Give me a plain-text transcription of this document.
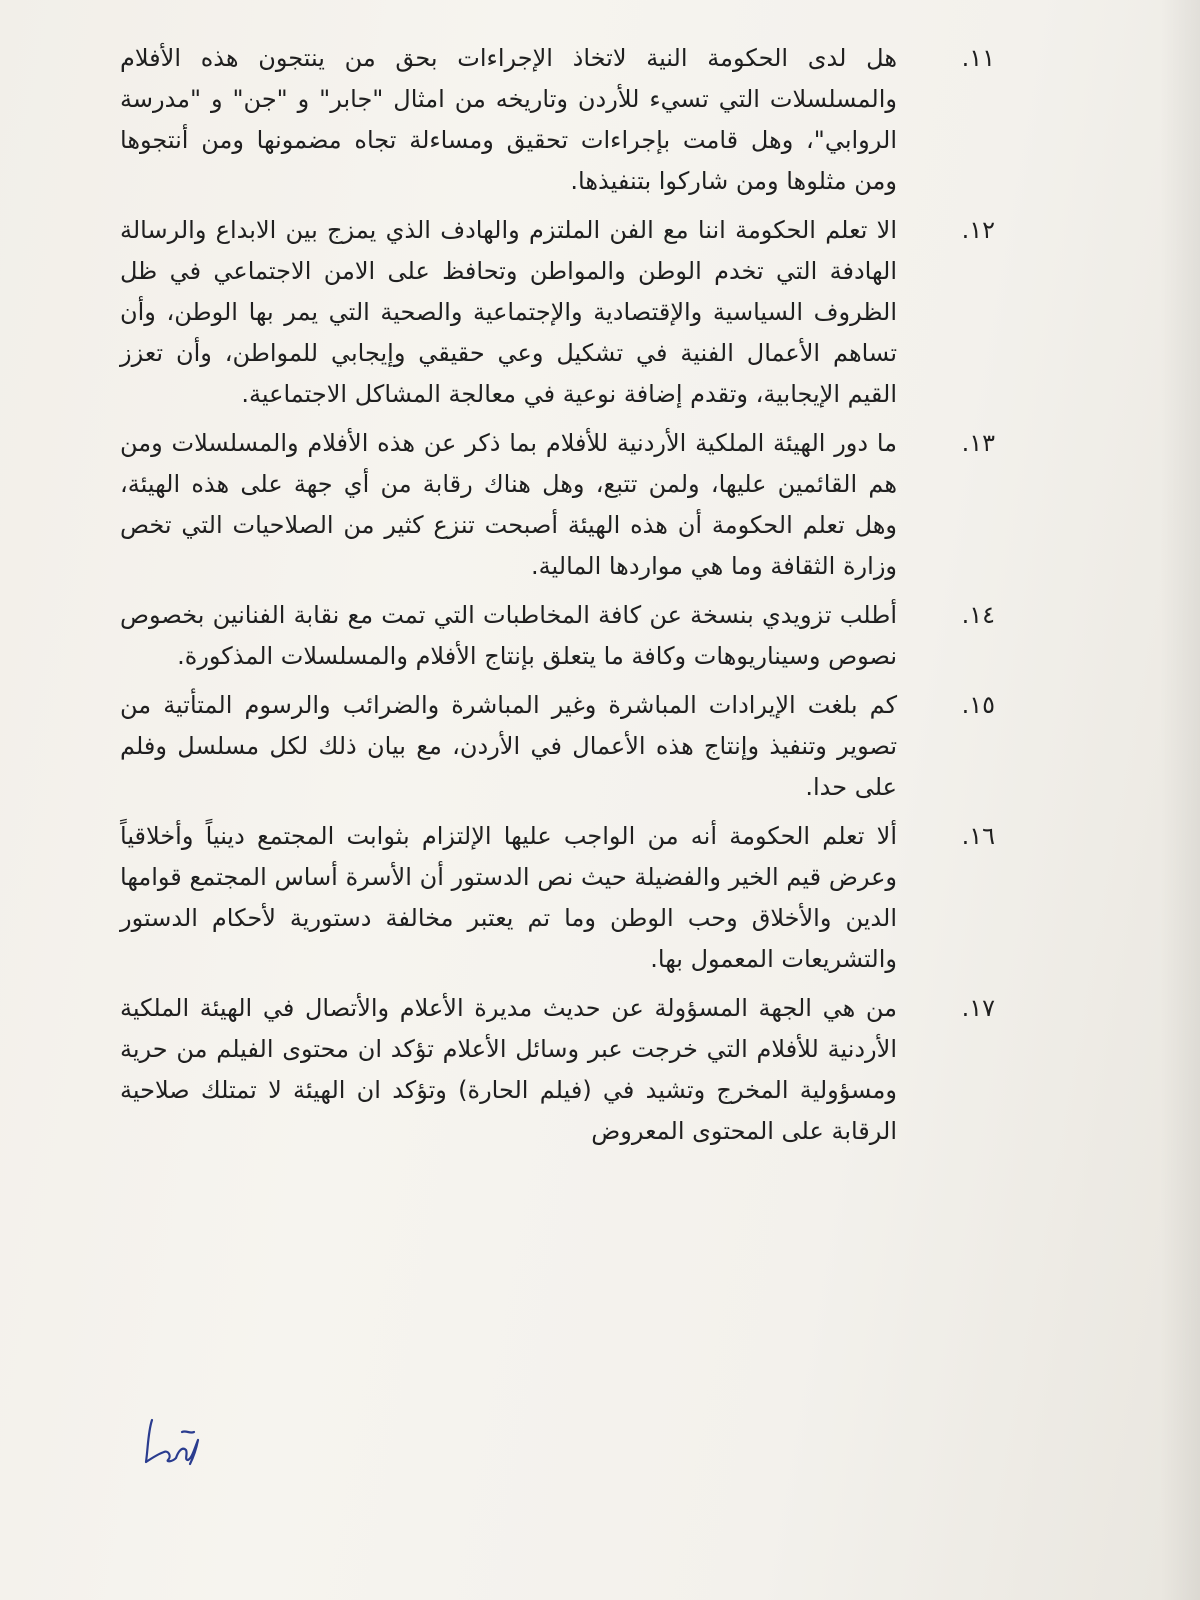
١١.
هل لدى الحكومة النية لاتخاذ الإجراءات بحق من ينتجون هذه الأفلام والمسلسلات التي تسيء للأردن وتاريخه من امثال "جابر" و "جن" و "مدرسة الروابي"، وهل قامت بإجراءات تحقيق ومساءلة تجاه مضمونها ومن أنتجوها ومن مثلوها ومن شاركوا بتنفيذها.
١٢.
الا تعلم الحكومة اننا مع الفن الملتزم والهادف الذي يمزج بين الابداع والرسالة الهادفة التي تخدم الوطن والمواطن وتحافظ على الامن الاجتماعي في ظل الظروف السياسية والإقتصادية والإجتماعية والصحية التي يمر بها الوطن، وأن تساهم الأعمال الفنية في تشكيل وعي حقيقي وإيجابي للمواطن، وأن تعزز القيم الإيجابية، وتقدم إضافة نوعية في معالجة المشاكل الاجتماعية.
١٣.
ما دور الهيئة الملكية الأردنية للأفلام بما ذكر عن هذه الأفلام والمسلسلات ومن هم القائمين عليها، ولمن تتبع، وهل هناك رقابة من أي جهة على هذه الهيئة، وهل تعلم الحكومة أن هذه الهيئة أصبحت تنزع كثير من الصلاحيات التي تخص وزارة الثقافة وما هي مواردها المالية.
١٤.
أطلب تزويدي بنسخة عن كافة المخاطبات التي تمت مع نقابة الفنانين بخصوص نصوص وسيناريوهات وكافة ما يتعلق بإنتاج الأفلام والمسلسلات المذكورة.
١٥.
كم بلغت الإيرادات المباشرة وغير المباشرة والضرائب والرسوم المتأتية من تصوير وتنفيذ وإنتاج هذه الأعمال في الأردن، مع بيان ذلك لكل مسلسل وفلم على حدا.
١٦.
ألا تعلم الحكومة أنه من الواجب عليها الإلتزام بثوابت المجتمع دينياً وأخلاقياً وعرض قيم الخير والفضيلة حيث نص الدستور أن الأسرة أساس المجتمع قوامها الدين والأخلاق وحب الوطن وما تم يعتبر مخالفة دستورية لأحكام الدستور والتشريعات المعمول بها.
١٧.
من هي الجهة المسؤولة عن حديث مديرة الأعلام والأتصال في الهيئة الملكية الأردنية للأفلام التي خرجت عبر وسائل الأعلام تؤكد ان محتوى الفيلم من حرية ومسؤولية المخرج وتشيد في (فيلم الحارة) وتؤكد ان الهيئة لا تمتلك صلاحية الرقابة على المحتوى المعروض
